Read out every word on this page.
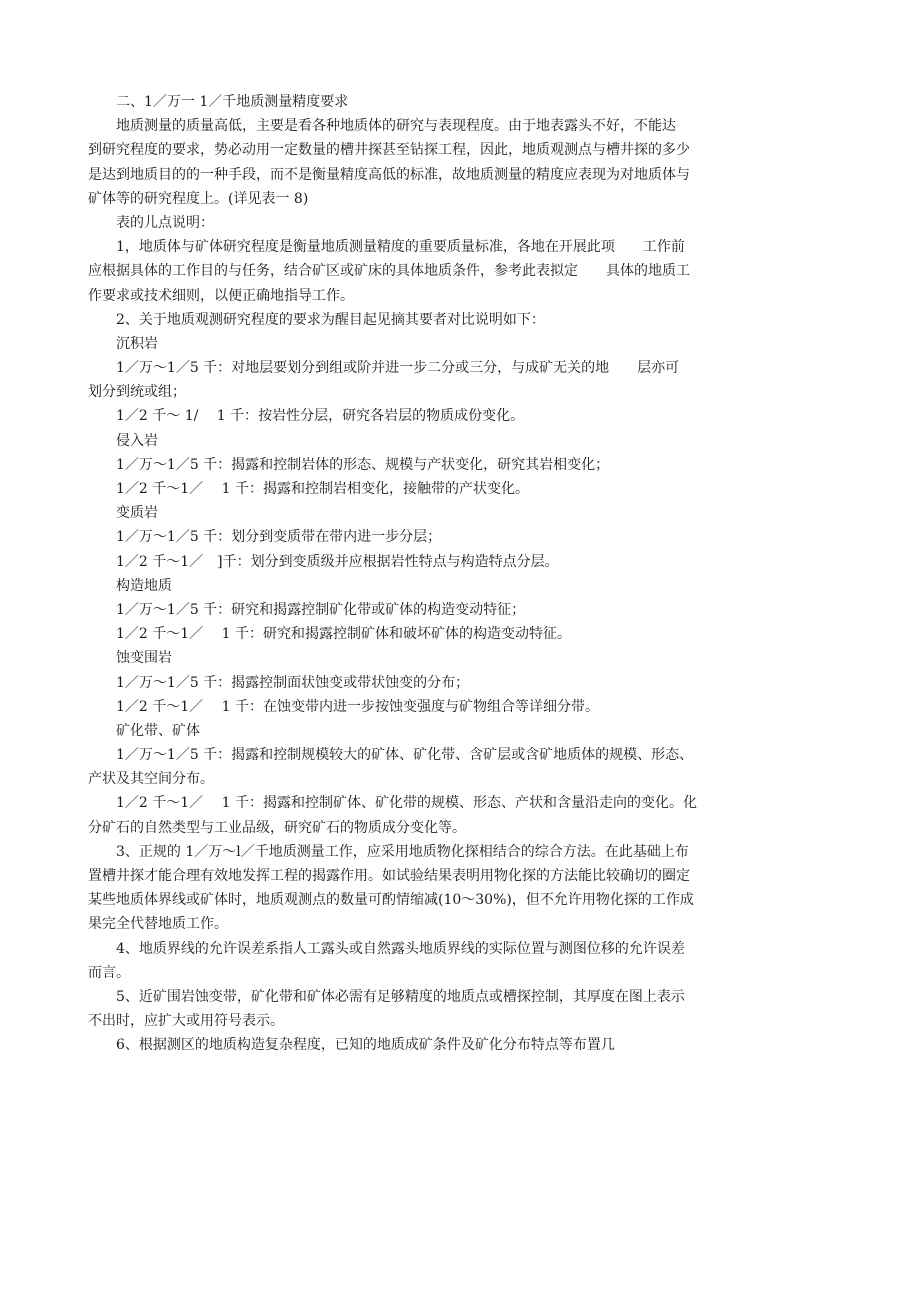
二、1／万一 1／千地质测量精度要求
地质测量的质量高低，主要是看各种地质体的研究与表现程度。由于地表露头不好，不能达
到研究程度的要求，势必动用一定数量的槽井探甚至钻探工程，因此，地质观测点与槽井探的多少
是达到地质目的的一种手段，而不是衡量精度高低的标准，故地质测量的精度应表现为对地质体与
矿体等的研究程度上。(详见表一 8)
表的儿点说明：
1，地质体与矿体研究程度是衡量地质测量精度的重要质量标准，各地在开展此项　　工作前
应根据具体的工作目的与任务，结合矿区或矿床的具体地质条件，参考此表拟定　　具体的地质工
作要求或技术细则，以便正确地指导工作。
2、关于地质观测研究程度的要求为醒目起见摘其要者对比说明如下：
沉积岩
1／万～1／5 千：对地层要划分到组或阶并进一步二分或三分，与成矿无关的地　　层亦可
划分到统或组；
1／2 千～ 1/　 1 千：按岩性分层，研究各岩层的物质成份变化。
侵入岩
1／万～1／5 千：揭露和控制岩体的形态、规模与产状变化，研究其岩相变化；
1／2 千～1／　 1 千：揭露和控制岩相变化，接触带的产状变化。
变质岩
1／万～1／5 千：划分到变质带在带内进一步分层；
1／2 千～1／　]千：划分到变质级并应根据岩性特点与构造特点分层。
构造地质
1／万～1／5 千：研究和揭露控制矿化带或矿体的构造变动特征；
1／2 千～1／　 1 千：研究和揭露控制矿体和破坏矿体的构造变动特征。
蚀变围岩
1／万～1／5 千：揭露控制面状蚀变或带状蚀变的分布；
1／2 千～1／　 1 千：在蚀变带内进一步按蚀变强度与矿物组合等详细分带。
矿化带、矿体
1／万～1／5 千：揭露和控制规模较大的矿体、矿化带、含矿层或含矿地质体的规模、形态、
产状及其空间分布。
1／2 千～1／　 1 千：揭露和控制矿体、矿化带的规模、形态、产状和含量沿走向的变化。化
分矿石的自然类型与工业品级，研究矿石的物质成分变化等。
3、正规的 1／万～l／千地质测量工作，应采用地质物化探相结合的综合方法。在此基础上布
置槽井探才能合理有效地发挥工程的揭露作用。如试验结果表明用物化探的方法能比较确切的圈定
某些地质体界线或矿体时，地质观测点的数量可酌情缩减(10～30%)，但不允许用物化探的工作成
果完全代替地质工作。
4、地质界线的允许误差系指人工露头或自然露头地质界线的实际位置与测图位移的允许误差
而言。
5、近矿围岩蚀变带，矿化带和矿体必需有足够精度的地质点或槽探控制，其厚度在图上表示
不出时，应扩大或用符号表示。
6、根据测区的地质构造复杂程度，已知的地质成矿条件及矿化分布特点等布置几
